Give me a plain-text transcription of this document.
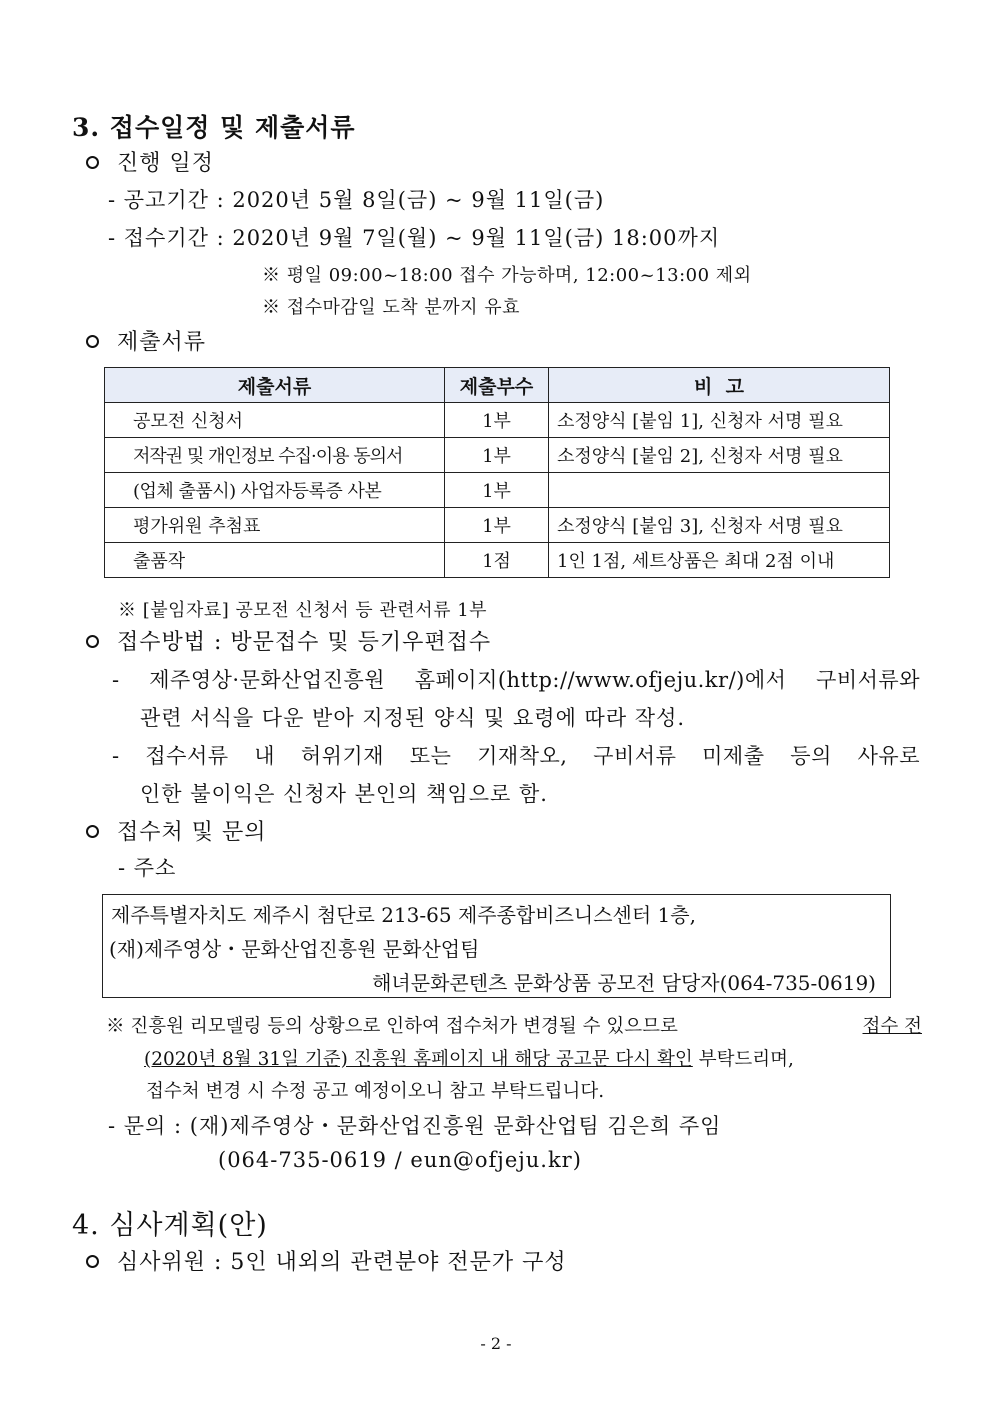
3. 접수일정 및 제출서류
진행 일정
- 공고기간 : 2020년 5월 8일(금) ~ 9월 11일(금)
- 접수기간 : 2020년 9월 7일(월) ~ 9월 11일(금) 18:00까지
※ 평일 09:00~18:00 접수 가능하며, 12:00~13:00 제외
※ 접수마감일 도착 분까지 유효
제출서류
제출서류	제출부수	비  고
공모전 신청서	1부	소정양식 [붙임 1], 신청자 서명 필요
저작권 및 개인정보 수집·이용 동의서	1부	소정양식 [붙임 2], 신청자 서명 필요
(업체 출품시) 사업자등록증 사본	1부	
평가위원 추첨표	1부	소정양식 [붙임 3], 신청자 서명 필요
출품작	1점	1인 1점, 세트상품은 최대 2점 이내
※ [붙임자료] 공모전 신청서 등 관련서류 1부
접수방법 : 방문접수 및 등기우편접수
- 제주영상·문화산업진흥원 홈페이지(http://www.ofjeju.kr/)에서 구비서류와
관련 서식을 다운 받아 지정된 양식 및 요령에 따라 작성.
- 접수서류 내 허위기재 또는 기재착오, 구비서류 미제출 등의 사유로
인한 불이익은 신청자 본인의 책임으로 함.
접수처 및 문의
- 주소
제주특별자치도 제주시 첨단로 213-65 제주종합비즈니스센터 1층,
(재)제주영상・문화산업진흥원 문화산업팀
해녀문화콘텐츠 문화상품 공모전 담당자(064-735-0619)
※ 진흥원 리모델링 등의 상황으로 인하여 접수처가 변경될 수 있으므로	접수 전
(2020년 8월 31일 기준) 진흥원 홈페이지 내 해당 공고문 다시 확인 부탁드리며,
접수처 변경 시 수정 공고 예정이오니 참고 부탁드립니다.
- 문의 : (재)제주영상・문화산업진흥원 문화산업팀 김은희 주임
(064-735-0619 / eun@ofjeju.kr)
4. 심사계획(안)
심사위원 : 5인 내외의 관련분야 전문가 구성
- 2 -
